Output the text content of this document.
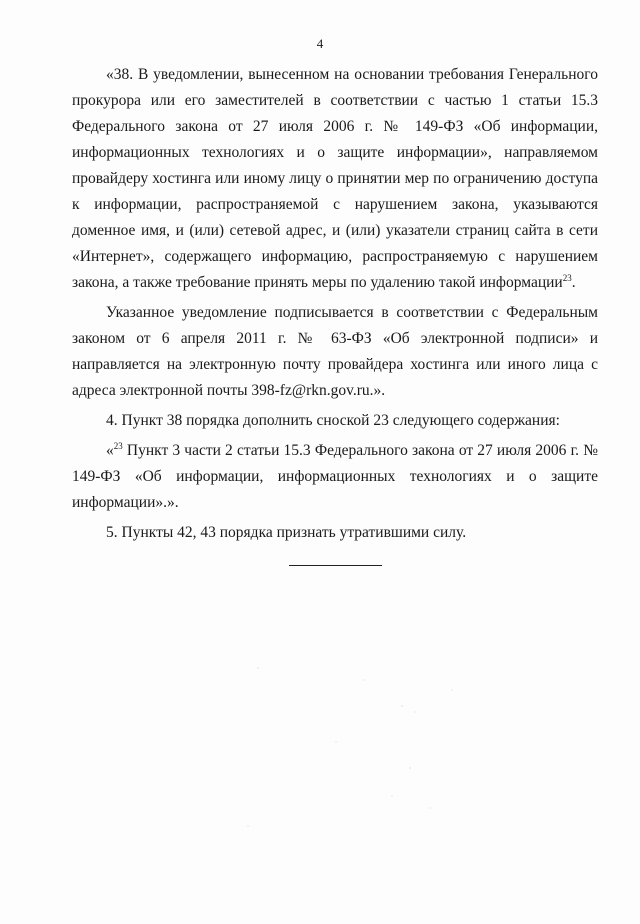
4

«38. В уведомлении, вынесенном на основании требования Генерального прокурора или его заместителей в соответствии с частью 1 статьи 15.3 Федерального закона от 27 июля 2006 г. № 149-ФЗ «Об информации, информационных технологиях и о защите информации», направляемом провайдеру хостинга или иному лицу о принятии мер по ограничению доступа к информации, распространяемой с нарушением закона, указываются доменное имя, и (или) сетевой адрес, и (или) указатели страниц сайта в сети «Интернет», содержащего информацию, распространяемую с нарушением закона, а также требование принять меры по удалению такой информации$^{23}$.

Указанное уведомление подписывается в соответствии с Федеральным законом от 6 апреля 2011 г. № 63-ФЗ «Об электронной подписи» и направляется на электронную почту провайдера хостинга или иного лица с адреса электронной почты 398-fz@rkn.gov.ru.».

4. Пункт 38 порядка дополнить сноской 23 следующего содержания:

«$^{23}$ Пункт 3 части 2 статьи 15.3 Федерального закона от 27 июля 2006 г. № 149-ФЗ «Об информации, информационных технологиях и о защите информации».».

5. Пункты 42, 43 порядка признать утратившими силу.
